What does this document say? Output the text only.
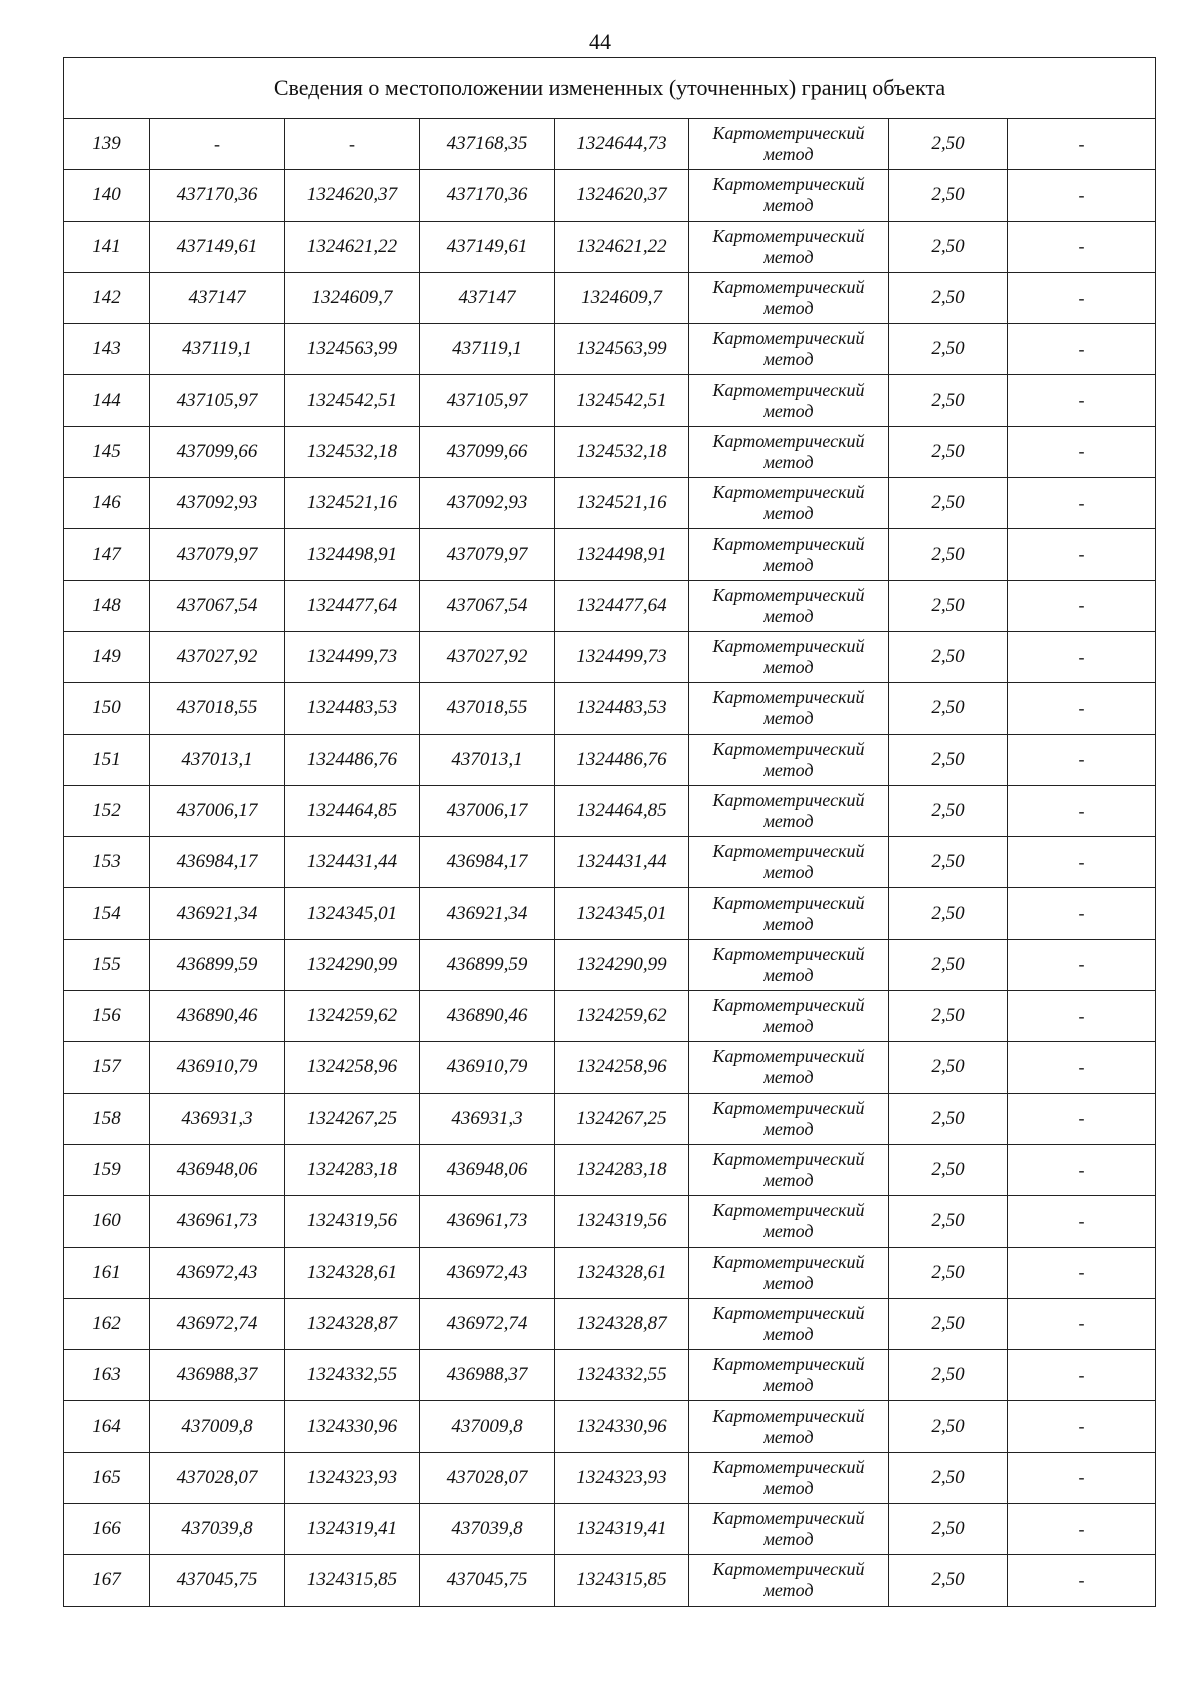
44
Сведения о местоположении измененных (уточненных) границ объекта							
139	-	-	437168,35	1324644,73	Картометрический
метод	2,50	-
140	437170,36	1324620,37	437170,36	1324620,37	Картометрический
метод	2,50	-
141	437149,61	1324621,22	437149,61	1324621,22	Картометрический
метод	2,50	-
142	437147	1324609,7	437147	1324609,7	Картометрический
метод	2,50	-
143	437119,1	1324563,99	437119,1	1324563,99	Картометрический
метод	2,50	-
144	437105,97	1324542,51	437105,97	1324542,51	Картометрический
метод	2,50	-
145	437099,66	1324532,18	437099,66	1324532,18	Картометрический
метод	2,50	-
146	437092,93	1324521,16	437092,93	1324521,16	Картометрический
метод	2,50	-
147	437079,97	1324498,91	437079,97	1324498,91	Картометрический
метод	2,50	-
148	437067,54	1324477,64	437067,54	1324477,64	Картометрический
метод	2,50	-
149	437027,92	1324499,73	437027,92	1324499,73	Картометрический
метод	2,50	-
150	437018,55	1324483,53	437018,55	1324483,53	Картометрический
метод	2,50	-
151	437013,1	1324486,76	437013,1	1324486,76	Картометрический
метод	2,50	-
152	437006,17	1324464,85	437006,17	1324464,85	Картометрический
метод	2,50	-
153	436984,17	1324431,44	436984,17	1324431,44	Картометрический
метод	2,50	-
154	436921,34	1324345,01	436921,34	1324345,01	Картометрический
метод	2,50	-
155	436899,59	1324290,99	436899,59	1324290,99	Картометрический
метод	2,50	-
156	436890,46	1324259,62	436890,46	1324259,62	Картометрический
метод	2,50	-
157	436910,79	1324258,96	436910,79	1324258,96	Картометрический
метод	2,50	-
158	436931,3	1324267,25	436931,3	1324267,25	Картометрический
метод	2,50	-
159	436948,06	1324283,18	436948,06	1324283,18	Картометрический
метод	2,50	-
160	436961,73	1324319,56	436961,73	1324319,56	Картометрический
метод	2,50	-
161	436972,43	1324328,61	436972,43	1324328,61	Картометрический
метод	2,50	-
162	436972,74	1324328,87	436972,74	1324328,87	Картометрический
метод	2,50	-
163	436988,37	1324332,55	436988,37	1324332,55	Картометрический
метод	2,50	-
164	437009,8	1324330,96	437009,8	1324330,96	Картометрический
метод	2,50	-
165	437028,07	1324323,93	437028,07	1324323,93	Картометрический
метод	2,50	-
166	437039,8	1324319,41	437039,8	1324319,41	Картометрический
метод	2,50	-
167	437045,75	1324315,85	437045,75	1324315,85	Картометрический
метод	2,50	-
